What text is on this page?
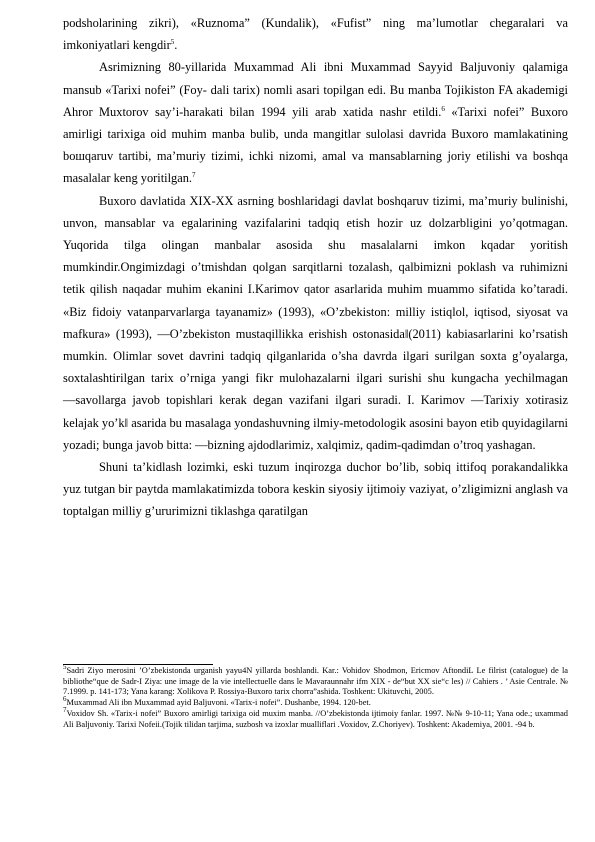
podsholarining zikri), «Ruznoma” (Kundalik), «Fufist” ning ma’lumotlar chegaralari va imkoniyatlari kengdir$^5$.

Asrimizning 80-yillarida Muxammad Ali ibni Muxammad Sayyid Baljuvoniy qalamiga mansub «Tarixi nofei” (Foy- dali tarix) nomli asari topilgan edi. Bu manba Tojikiston FA akademigi Ahror Muxtorov say’i-harakati bilan 1994 yili arab xatida nashr etildi.$^6$ «Tarixi nofei” Buxoro amirligi tarixiga oid muhim manba bulib, unda mangitlar sulolasi davrida Buxoro mamlakatining boшqaruv tartibi, ma’muriy tizimi, ichki nizomi, amal va mansablarning joriy etilishi va boshqa masalalar keng yoritilgan.$^7$

Buxoro davlatida XIX-XX asrning boshlaridagi davlat boshqaruv tizimi, ma’muriy bulinishi, unvon, mansablar va egalarining vazifalarini tadqiq etish hozir uz dolzarbligini yo’qotmagan. Yuqorida tilga olingan manbalar asosida shu masalalarni imkon kqadar yoritish mumkindir.Ongimizdagi o’tmishdan qolgan sarqitlarni tozalash, qalbimizni poklash va ruhimizni tetik qilish naqadar muhim ekanini I.Karimov qator asarlarida muhim muammo sifatida ko’taradi. «Biz fidoiy vatanparvarlarga tayanamiz» (1993), «O’zbekiston: milliy istiqlol, iqtisod, siyosat va mafkura» (1993), ―O’zbekiston mustaqillikka erishish ostonasida‖(2011) kabiasarlarini ko’rsatish mumkin. Olimlar sovet davrini tadqiq qilganlarida o’sha davrda ilgari surilgan soxta g’oyalarga, soxtalashtirilgan tarix o’rniga yangi fikr mulohazalarni ilgari surishi shu kungacha yechilmagan ―savollarga javob topishlari kerak degan vazifani ilgari suradi. I. Karimov ―Tarixiy xotirasiz kelajak yo’k‖ asarida bu masalaga yondashuvning ilmiy-metodologik asosini bayon etib quyidagilarni yozadi; bunga javob bitta: ―bizning ajdodlarimiz, xalqimiz, qadim-qadimdan o’troq yashagan.

Shuni ta’kidlash lozimki, eski tuzum inqirozga duchor bo’lib, sobiq ittifoq porakandalikka yuz tutgan bir paytda mamlakatimizda tobora keskin siyosiy ijtimoiy vaziyat, o’zligimizni anglash va toptalgan milliy g’ururimizni tiklashga qaratilgan

$^5$Sadri Ziyo merosini ’O’zbekistonda urganish yayu4N yillarda boshlandi. Kar.: Vohidov Shodmon, Ericmov AftondiL Le filrist (catalogue) de la bibliothe“que de Sadr-I Ziya: une image de la vie intellectuelle dans le Mavaraunnahr ifm XIX - de“but XX sie“c les) // Cahiers . ’ Asie Centrale. № 7.1999. p. 141-173; Yana karang: Xolikova P. Rossiya-Buxoro tarix chorra”ashida. Toshkent: Ukituvchi, 2005.

$^6$Muxammad Ali ibn Muxammad ayid Baljuvoni. «Tarix-i nofei”. Dushanbe, 1994. 120-bet.

$^7$Voxidov Sh. «Tarix-i nofei” Buxoro amirligi tarixiga oid muxim manba. //O’zbekistonda ijtimoiy fanlar. 1997. №№ 9-10-11; Yana ode.; uxammad Ali Baljuvoniy. Tarixi Nofeii.(Tojik tilidan tarjima, suzbosh va izoxlar mualliflari .Voxidov, Z.Choriyev). Toshkent: Akademiya, 2001. -94 b.
